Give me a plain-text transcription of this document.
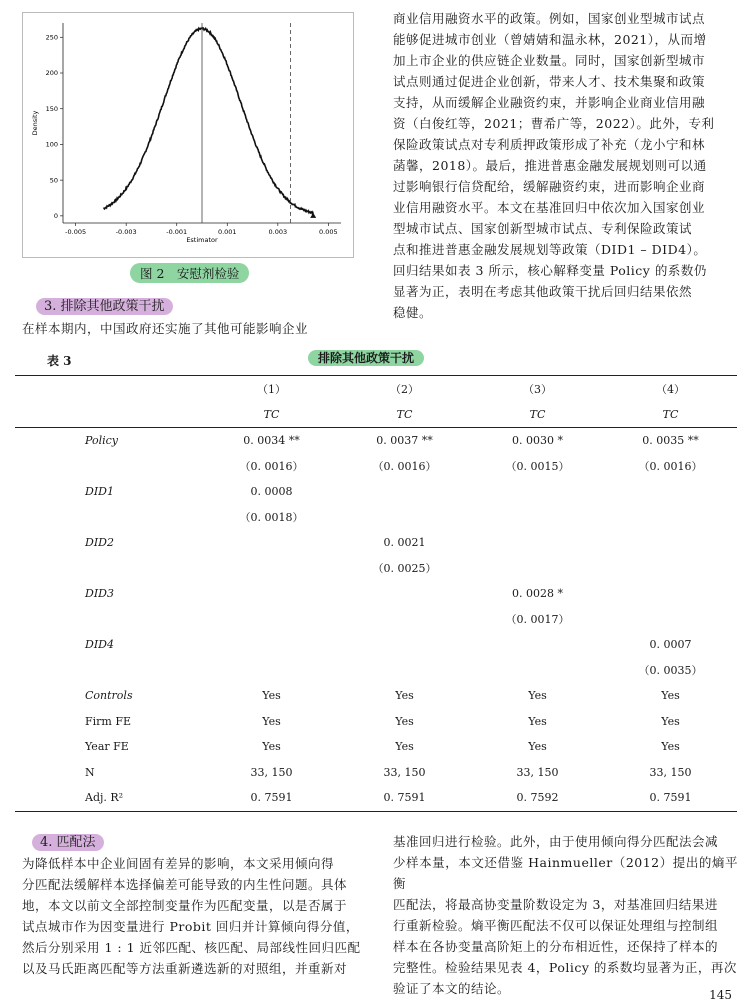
-0.005	-0.003	-0.001	0.001	0.003	0.005
0
50
100
150
200
250
Estimator
Density
图 2　安慰剂检验
商业信用融资水平的政策。例如，国家创业型城市试点
能够促进城市创业（曾婧婧和温永林，2021），从而增
加上市企业的供应链企业数量。同时，国家创新型城市
试点则通过促进企业创新，带来人才、技术集聚和政策
支持，从而缓解企业融资约束，并影响企业商业信用融
资（白俊红等，2021；曹希广等，2022）。此外，专利
保险政策试点对专利质押政策形成了补充（龙小宁和林
菡馨，2018）。最后，推进普惠金融发展规划则可以通
过影响银行信贷配给，缓解融资约束，进而影响企业商
业信用融资水平。本文在基准回归中依次加入国家创业
型城市试点、国家创新型城市试点、专利保险政策试
点和推进普惠金融发展规划等政策（DID1 – DID4）。
回归结果如表 3 所示，核心解释变量 Policy 的系数仍
显著为正，表明在考虑其他政策干扰后回归结果依然
稳健。
3. 排除其他政策干扰
在样本期内，中国政府还实施了其他可能影响企业
表 3	排除其他政策干扰
	（1）	（2）	（3）	（4）
	TC	TC	TC	TC
Policy	0. 0034 **	0. 0037 **	0. 0030 *	0. 0035 **
	（0. 0016）	（0. 0016）	（0. 0015）	（0. 0016）
DID1	0. 0008			
	（0. 0018）			
DID2		0. 0021		
		（0. 0025）		
DID3			0. 0028 *	
			（0. 0017）	
DID4				0. 0007
				（0. 0035）
Controls	Yes	Yes	Yes	Yes
Firm FE	Yes	Yes	Yes	Yes
Year FE	Yes	Yes	Yes	Yes
N	33, 150	33, 150	33, 150	33, 150
Adj. R²	0. 7591	0. 7591	0. 7592	0. 7591
4. 匹配法
为降低样本中企业间固有差异的影响，本文采用倾向得
分匹配法缓解样本选择偏差可能导致的内生性问题。具体
地，本文以前文全部控制变量作为匹配变量，以是否属于
试点城市作为因变量进行 Probit 回归并计算倾向得分值，
然后分别采用 1 : 1 近邻匹配、核匹配、局部线性回归匹配
以及马氏距离匹配等方法重新遴选新的对照组，并重新对
基准回归进行检验。此外，由于使用倾向得分匹配法会减
少样本量，本文还借鉴 Hainmueller（2012）提出的熵平衡
匹配法，将最高协变量阶数设定为 3，对基准回归结果进
行重新检验。熵平衡匹配法不仅可以保证处理组与控制组
样本在各协变量高阶矩上的分布相近性，还保持了样本的
完整性。检验结果见表 4，Policy 的系数均显著为正，再次
验证了本文的结论。	145
